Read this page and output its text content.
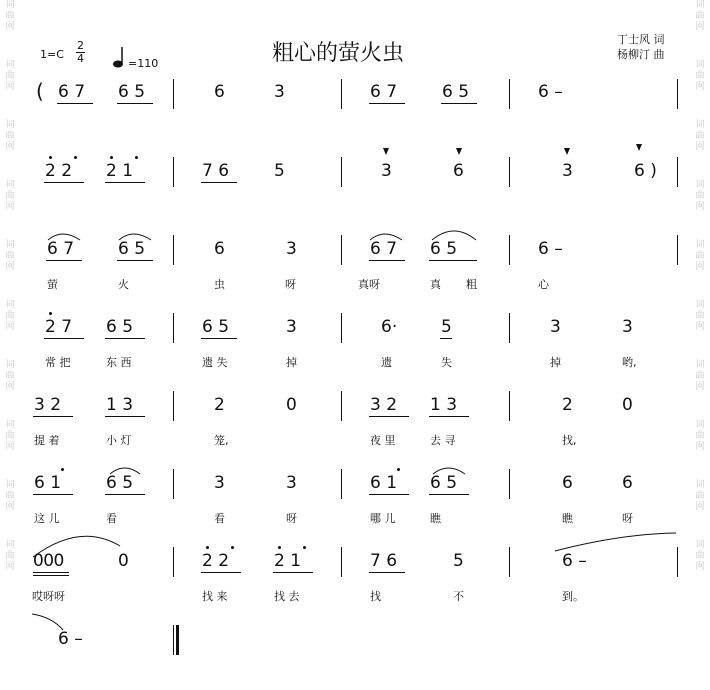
词
曲
网
词
曲
网
词
曲
网
词
曲
网
词
曲
网
词
曲
网
词
曲
网
词
曲
网
词
曲
网
词
曲
网
词
曲
网
词
曲
网
词
曲
网
词
曲
网
词
曲
网
词
曲
网
词
曲
网
词
曲
网
词
曲
网
词
曲
网
粗心的萤火虫
丁士风 词
杨柳汀 曲
1=C
2
4	=110
( 6 7 6 5	6	3	6 7	6 5	6 –
2 2 2 1	7 6	5	3	6	3	6 )
6 7	6 5	6	3	6 7 6 5	6 –
萤	火	虫	呀	真呀	真 粗	心
2 7 6 5	6 5	3	6·	5	3	3
常 把	东 西	遗 失	掉	遗	失	掉	哟,
3 2	1 3	2	0	3 2 1 3	2	0
提 着	小 灯	笼,	夜 里	去 寻	找,
6 1	6 5	3	3	6 1 6 5	6	6
这 儿	看	看	呀	哪 儿	瞧	瞧	呀
0 0 0	0	2 2	2 1	7 6	5	6 –
哎呀呀	找 来	找 去	找	不	到。
6 –
